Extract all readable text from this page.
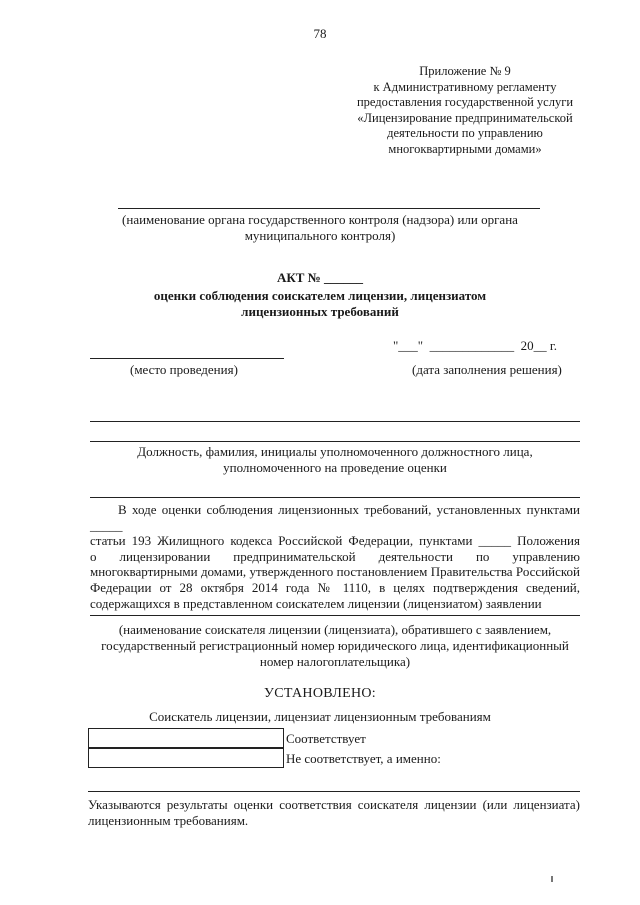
78
Приложение № 9
к Административному регламенту
предоставления государственной услуги
«Лицензирование предпринимательской
деятельности по управлению
многоквартирными домами»
(наименование органа государственного контроля (надзора) или органа
муниципального контроля)
АКТ № ______
оценки соблюдения соискателем лицензии, лицензиатом
лицензионных требований
"___"  _____________  20__ г.
(место проведения)	(дата заполнения решения)
Должность, фамилия, инициалы уполномоченного должностного лица,
уполномоченного на проведение оценки
В ходе оценки соблюдения лицензионных требований, установленных пунктами _____
статьи 193 Жилищного кодекса Российской Федерации, пунктами _____ Положения
о лицензировании предпринимательской деятельности по управлению
многоквартирными домами, утвержденного постановлением Правительства Российской
Федерации от 28 октября 2014 года № 1110, в целях подтверждения сведений,
содержащихся в представленном соискателем лицензии (лицензиатом) заявлении
(наименование соискателя лицензии (лицензиата), обратившего с заявлением,
государственный регистрационный номер юридического лица, идентификационный
номер налогоплательщика)
УСТАНОВЛЕНО:
Соискатель лицензии, лицензиат лицензионным требованиям
Соответствует
Не соответствует, а именно:
Указываются результаты оценки соответствия соискателя лицензии (или лицензиата) лицензионным требованиям.
